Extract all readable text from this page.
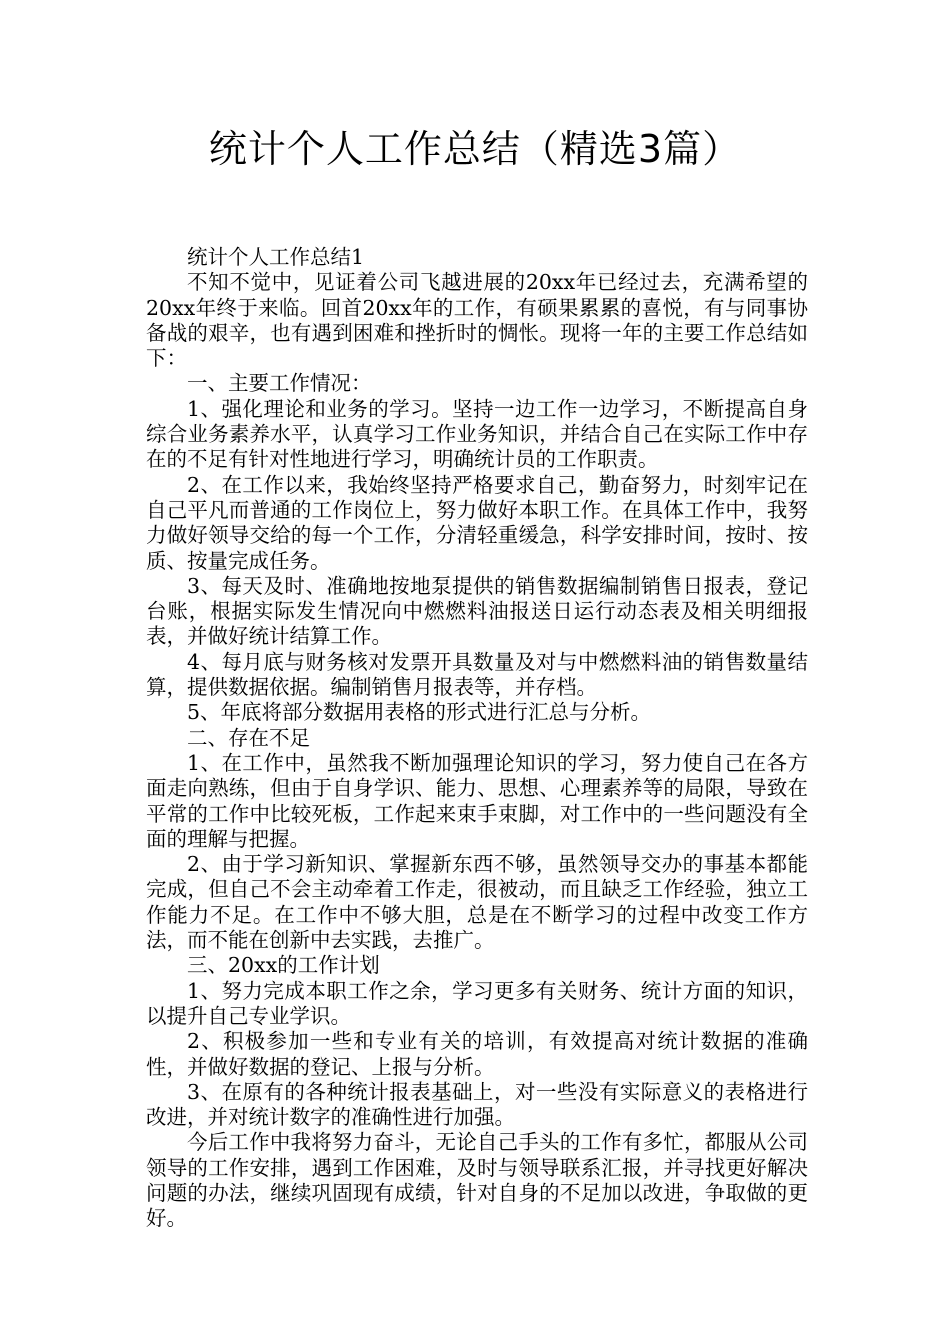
统计个人工作总结（精选3篇）

统计个人工作总结1

不知不觉中，见证着公司飞越进展的20xx年已经过去，充满希望的20xx年终于来临。回首20xx年的工作，有硕果累累的喜悦，有与同事协备战的艰辛，也有遇到困难和挫折时的惆怅。现将一年的主要工作总结如下：

一、主要工作情况：

1、强化理论和业务的学习。坚持一边工作一边学习，不断提高自身综合业务素养水平，认真学习工作业务知识，并结合自己在实际工作中存在的不足有针对性地进行学习，明确统计员的工作职责。

2、在工作以来，我始终坚持严格要求自己，勤奋努力，时刻牢记在自己平凡而普通的工作岗位上，努力做好本职工作。在具体工作中，我努力做好领导交给的每一个工作，分清轻重缓急，科学安排时间，按时、按质、按量完成任务。

3、每天及时、准确地按地泵提供的销售数据编制销售日报表，登记台账，根据实际发生情况向中燃燃料油报送日运行动态表及相关明细报表，并做好统计结算工作。

4、每月底与财务核对发票开具数量及对与中燃燃料油的销售数量结算，提供数据依据。编制销售月报表等，并存档。

5、年底将部分数据用表格的形式进行汇总与分析。

二、存在不足

1、在工作中，虽然我不断加强理论知识的学习，努力使自己在各方面走向熟练，但由于自身学识、能力、思想、心理素养等的局限，导致在平常的工作中比较死板，工作起来束手束脚，对工作中的一些问题没有全面的理解与把握。

2、由于学习新知识、掌握新东西不够，虽然领导交办的事基本都能完成，但自己不会主动牵着工作走，很被动，而且缺乏工作经验，独立工作能力不足。在工作中不够大胆，总是在不断学习的过程中改变工作方法，而不能在创新中去实践，去推广。

三、20xx的工作计划

1、努力完成本职工作之余，学习更多有关财务、统计方面的知识，以提升自己专业学识。

2、积极参加一些和专业有关的培训，有效提高对统计数据的准确性，并做好数据的登记、上报与分析。

3、在原有的各种统计报表基础上，对一些没有实际意义的表格进行改进，并对统计数字的准确性进行加强。

今后工作中我将努力奋斗，无论自己手头的工作有多忙，都服从公司领导的工作安排，遇到工作困难，及时与领导联系汇报，并寻找更好解决问题的办法，继续巩固现有成绩，针对自身的不足加以改进，争取做的更好。
